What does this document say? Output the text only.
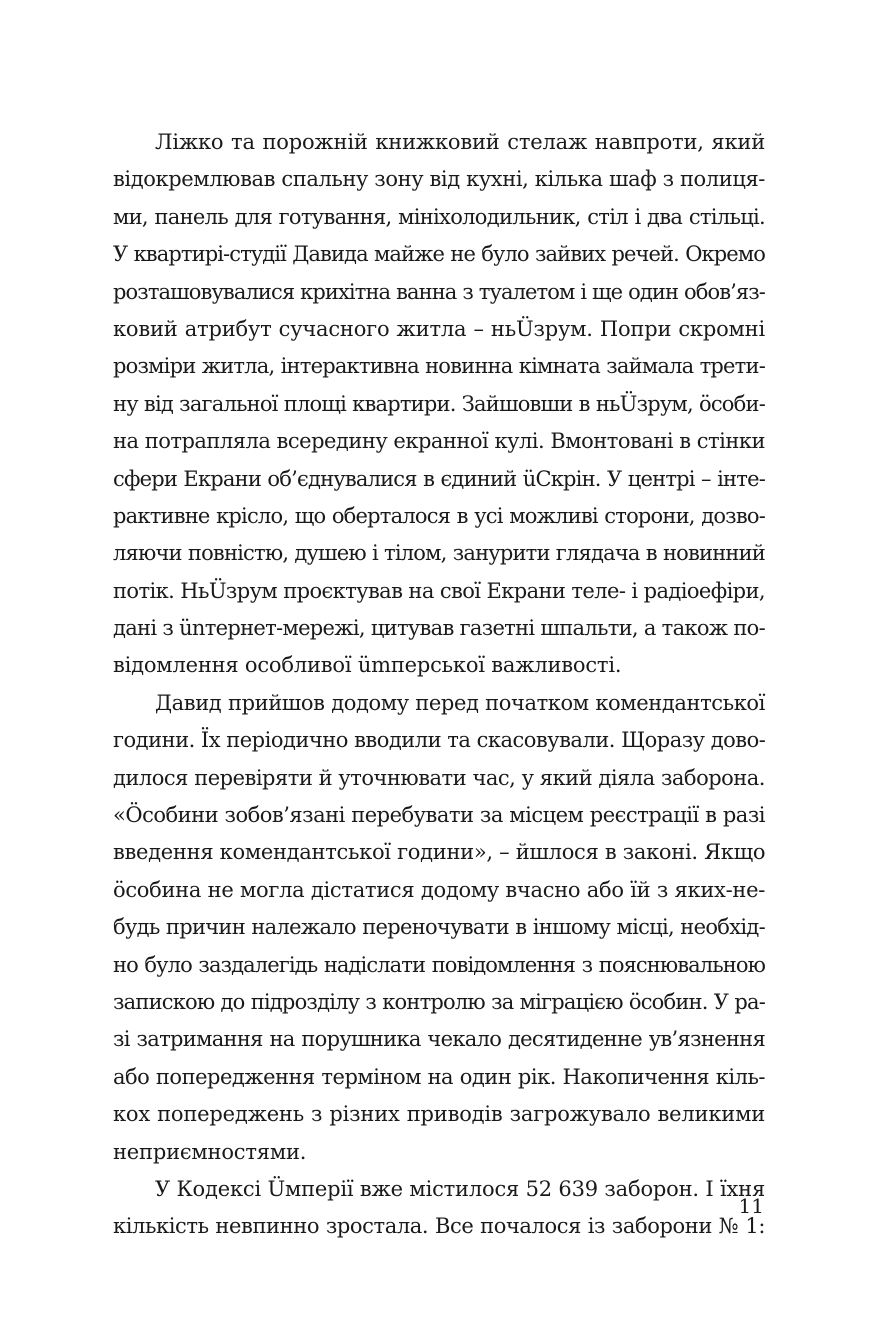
Ліжко та порожній книжковий стелаж навпроти, який
відокремлював спальну зону від кухні, кілька шаф з полиця-
ми, панель для готування, мініхолодильник, стіл і два стільці.
У квартирі-студії Давида майже не було зайвих речей. Окремо
розташовувалися крихітна ванна з туалетом і ще один обов’яз-
ковий атрибут сучасного житла – ньÜзрум. Попри скромні
розміри житла, інтерактивна новинна кімната займала трети-
ну від загальної площі квартири. Зайшовши в ньÜзрум, öсоби-
на потрапляла всередину екранної кулі. Вмонтовані в стінки
сфери Екрани об’єднувалися в єдиний üСкрін. У центрі – інте-
рактивне крісло, що оберталося в усі можливі сторони, дозво-
ляючи повністю, душею і тілом, занурити глядача в новинний
потік. НьÜзрум проєктував на свої Екрани теле- і радіоефіри,
дані з ünтернет-мережі, цитував газетні шпальти, а також по-
відомлення особливої ümперської важливості.

Давид прийшов додому перед початком комендантської
години. Їх періодично вводили та скасовували. Щоразу дово-
дилося перевіряти й уточнювати час, у який діяла заборона.
«Öсобини зобов’язані перебувати за місцем реєстрації в разі
введення комендантської години», – йшлося в законі. Якщо
öсобина не могла дістатися додому вчасно або їй з яких-не-
будь причин належало переночувати в іншому місці, необхід-
но було заздалегідь надіслати повідомлення з пояснювальною
запискою до підрозділу з контролю за міграцією öсобин. У ра-
зі затримання на порушника чекало десятиденне ув’язнення
або попередження терміном на один рік. Накопичення кіль-
кох попереджень з різних приводів загрожувало великими
неприємностями.

У Кодексі Üмперії вже містилося 52 639 заборон. І їхня
кількість невпинно зростала. Все почалося із заборони № 1:

11
